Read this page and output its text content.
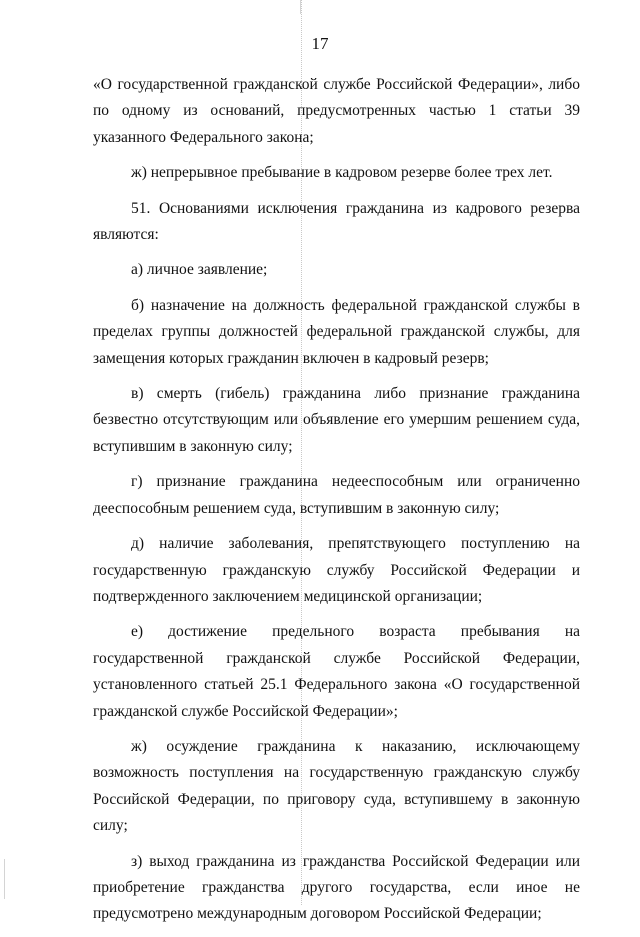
17

«О государственной гражданской службе Российской Федерации», либо по одному из оснований, предусмотренных частью 1 статьи 39 указанного Федерального закона;

ж) непрерывное пребывание в кадровом резерве более трех лет.

51. Основаниями исключения гражданина из кадрового резерва являются:

а) личное заявление;

б) назначение на должность федеральной гражданской службы в пределах группы должностей федеральной гражданской службы, для замещения которых гражданин включен в кадровый резерв;

в) смерть (гибель) гражданина либо признание гражданина безвестно отсутствующим или объявление его умершим решением суда, вступившим в законную силу;

г) признание гражданина недееспособным или ограниченно дееспособным решением суда, вступившим в законную силу;

д) наличие заболевания, препятствующего поступлению на государственную гражданскую службу Российской Федерации и подтвержденного заключением медицинской организации;

е) достижение предельного возраста пребывания на государственной гражданской службе Российской Федерации, установленного статьей 25.1 Федерального закона «О государственной гражданской службе Российской Федерации»;

ж) осуждение гражданина к наказанию, исключающему возможность поступления на государственную гражданскую службу Российской Федерации, по приговору суда, вступившему в законную силу;

з) выход гражданина из гражданства Российской Федерации или приобретение гражданства другого государства, если иное не предусмотрено международным договором Российской Федерации;
